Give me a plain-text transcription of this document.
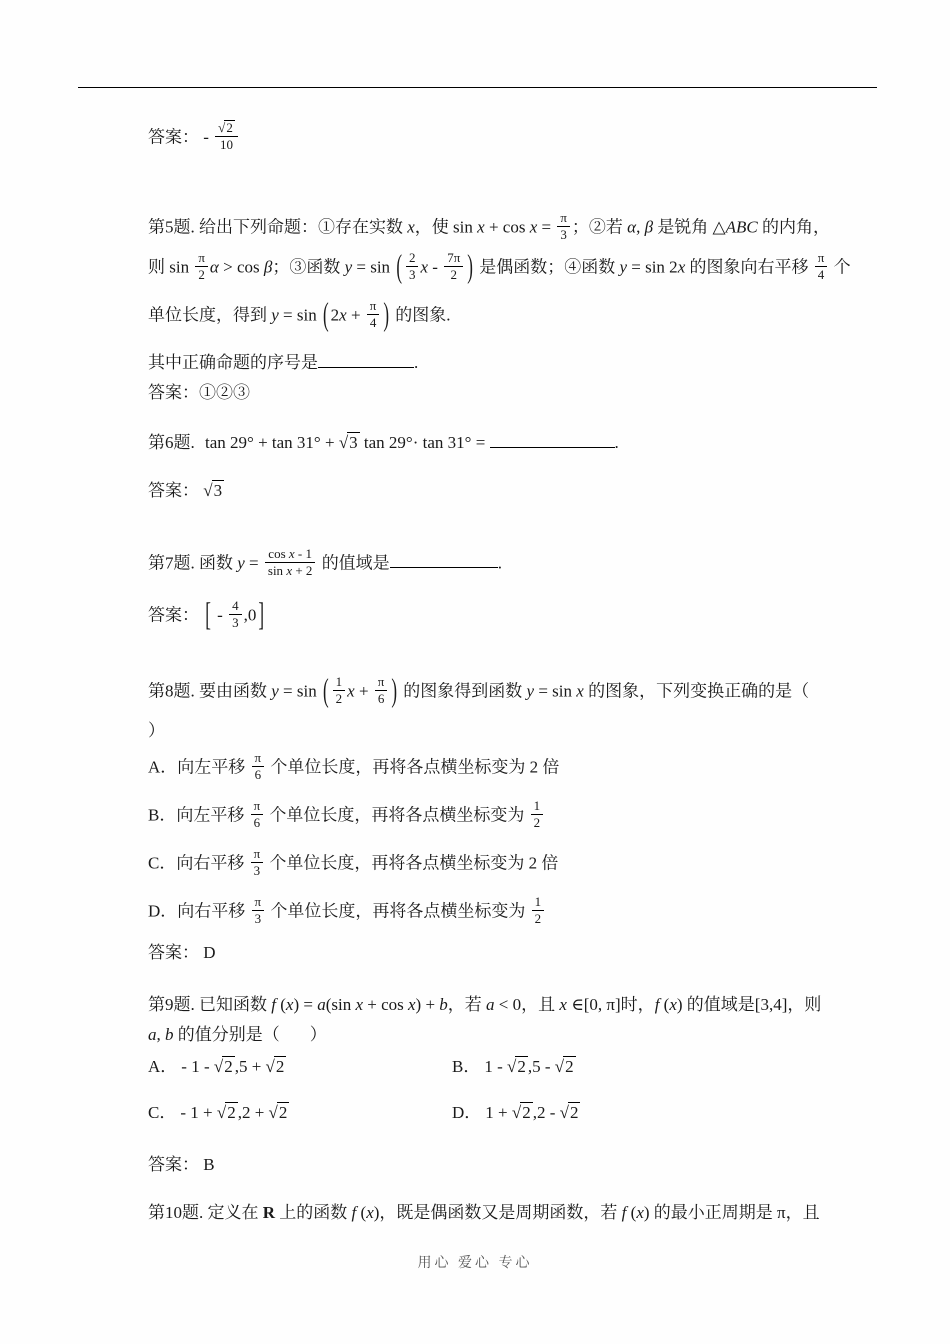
答案： - $\frac{√2}{10}$
第5题. 给出下列命题：①存在实数 x，使 $\sin x + \cos x = \frac{\pi}{3}$ ；②若 α, β 是锐角 △ABC 的内角，
则 $\sin \frac{\pi}{2}$ α > cos β；③函数 y = sin ( $\frac{2}{3}$ x - $\frac{7\pi}{2}$ ) 是偶函数；④函数 y = sin 2x 的图象向右平移 $\frac{\pi}{4}$ 个
单位长度，得到 y = sin ( $2x + \frac{\pi}{4}$ ) 的图象.
其中正确命题的序号是	.
答案：①②③
第6题. tan 29° + tan 31° + √3 tan 29°· tan 31° =	.
答案： √3
第7题. 函数 $y = \frac{\text{cos x - 1}}{\text{sin x + 2}}$ 的值域是	.
答案： [ - $\frac{4}{3} ,0$ ]
第8题. 要由函数 y = sin ( $\frac{1}{2}$ $x + \frac{\pi}{6}$ ) 的图象得到函数 y = sin x 的图象，下列变换正确的是（
）
A．向左平移 $\frac{\pi}{6}$ 个单位长度，再将各点横坐标变为 2 倍
B．向左平移 $\frac{\pi}{6}$ 个单位长度，再将各点横坐标变为 $\frac{1}{2}$
C．向右平移 $\frac{\pi}{3}$ 个单位长度，再将各点横坐标变为 2 倍
D．向右平移 $\frac{\pi}{3}$ 个单位长度，再将各点横坐标变为 $\frac{1}{2}$
答案： D
第9题. 已知函数 f (x) = a(sin x + cos x) + b，若 a < 0，且 x ∈[0, π]时，f (x) 的值域是[3,4]，则
a, b 的值分别是（ ）
A． - 1 - √2 ,5 + √2	B． 1 - √2 ,5 - √2
C． - 1 + √2 ,2 + √2	D． 1 + √2 ,2 - √2
答案： B
第10题. 定义在 R 上的函数 f (x)，既是偶函数又是周期函数，若 f (x) 的最小正周期是 π，且
用心 爱心 专心
